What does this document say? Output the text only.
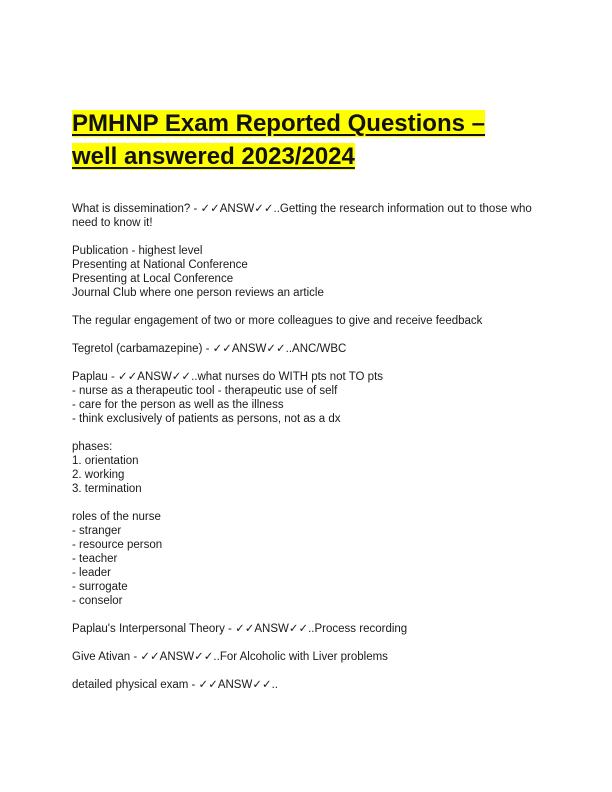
PMHNP Exam Reported Questions –
well answered 2023/2024
What is dissemination? - ✓✓ANSW✓✓..Getting the research information out to those who need to know it!
Publication - highest level
Presenting at National Conference
Presenting at Local Conference
Journal Club where one person reviews an article
The regular engagement of two or more colleagues to give and receive feedback
Tegretol (carbamazepine) - ✓✓ANSW✓✓..ANC/WBC
Paplau - ✓✓ANSW✓✓..what nurses do WITH pts not TO pts
- nurse as a therapeutic tool - therapeutic use of self
- care for the person as well as the illness
- think exclusively of patients as persons, not as a dx
phases:
1. orientation
2. working
3. termination
roles of the nurse
- stranger
- resource person
- teacher
- leader
- surrogate
- conselor
Paplau's Interpersonal Theory - ✓✓ANSW✓✓..Process recording
Give Ativan - ✓✓ANSW✓✓..For Alcoholic with Liver problems
detailed physical exam - ✓✓ANSW✓✓..
